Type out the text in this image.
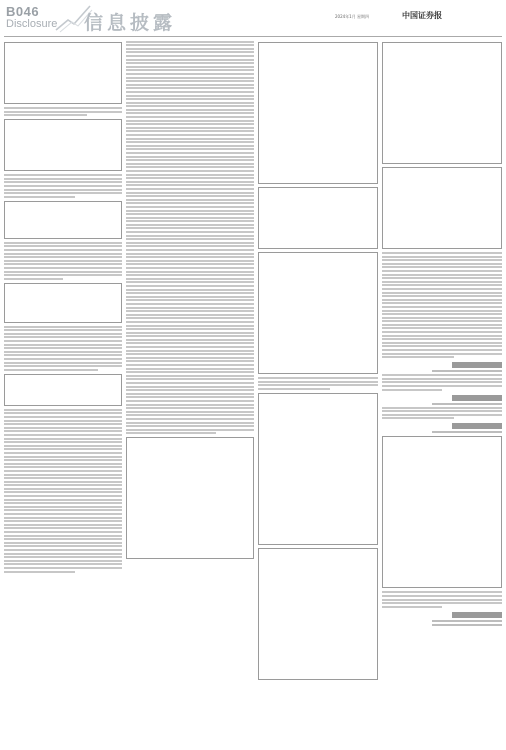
B046
Disclosure 信息披露	2024年1月 星期四	中国证券报
